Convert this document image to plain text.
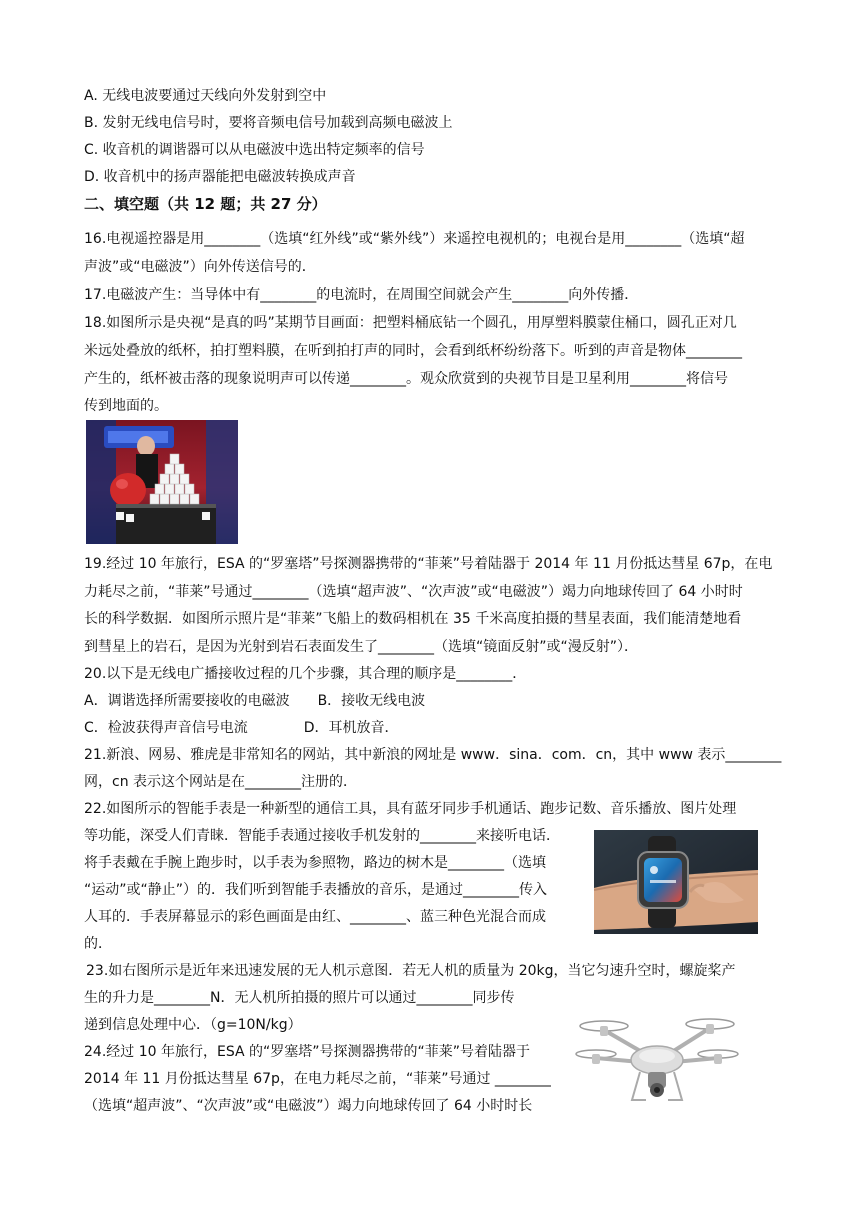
A. 无线电波要通过天线向外发射到空中
B. 发射无线电信号时，要将音频电信号加载到高频电磁波上
C. 收音机的调谐器可以从电磁波中选出特定频率的信号
D. 收音机中的扬声器能把电磁波转换成声音
二、填空题（共 12 题；共 27 分）
16.电视遥控器是用________（选填“红外线”或“紫外线”）来遥控电视机的；电视台是用________（选填“超
声波”或“电磁波”）向外传送信号的．
17.电磁波产生：当导体中有________的电流时，在周围空间就会产生________向外传播．
18.如图所示是央视“是真的吗”某期节目画面：把塑料桶底钻一个圆孔，用厚塑料膜蒙住桶口，圆孔正对几
米远处叠放的纸杯，拍打塑料膜，在听到拍打声的同时，会看到纸杯纷纷落下。听到的声音是物体________
产生的，纸杯被击落的现象说明声可以传递________。观众欣赏到的央视节目是卫星利用________将信号
传到地面的。
19.经过 10 年旅行，ESA 的“罗塞塔”号探测器携带的“菲莱”号着陆器于 2014 年 11 月份抵达彗星 67p，在电
力耗尽之前，“菲莱”号通过________（选填“超声波”、“次声波”或“电磁波”）竭力向地球传回了 64 小时时
长的科学数据．如图所示照片是“菲莱”飞船上的数码相机在 35 千米高度拍摄的彗星表面，我们能清楚地看
到彗星上的岩石，是因为光射到岩石表面发生了________（选填“镜面反射”或“漫反射”）．
20.以下是无线电广播接收过程的几个步骤，其合理的顺序是________．
A．调谐选择所需要接收的电磁波　　B．接收无线电波
C．检波获得声音信号电流　　　　D．耳机放音．
21.新浪、网易、雅虎是非常知名的网站，其中新浪的网址是 www．sina．com．cn，其中 www 表示________
网，cn 表示这个网站是在________注册的．
22.如图所示的智能手表是一种新型的通信工具，具有蓝牙同步手机通话、跑步记数、音乐播放、图片处理
等功能，深受人们青睐．智能手表通过接收手机发射的________来接听电话．
将手表戴在手腕上跑步时，以手表为参照物，路边的树木是________（选填
“运动”或“静止”）的．我们听到智能手表播放的音乐，是通过________传入
人耳的．手表屏幕显示的彩色画面是由红、________、蓝三种色光混合而成
的．
23.如右图所示是近年来迅速发展的无人机示意图．若无人机的质量为 20kg，当它匀速升空时，螺旋桨产
生的升力是________N．无人机所拍摄的照片可以通过________同步传
递到信息处理中心．（g=10N/kg）
24.经过 10 年旅行，ESA 的“罗塞塔”号探测器携带的“菲莱”号着陆器于
2014 年 11 月份抵达彗星 67p，在电力耗尽之前，“菲莱”号通过 ________
（选填“超声波”、“次声波”或“电磁波”）竭力向地球传回了 64 小时时长
